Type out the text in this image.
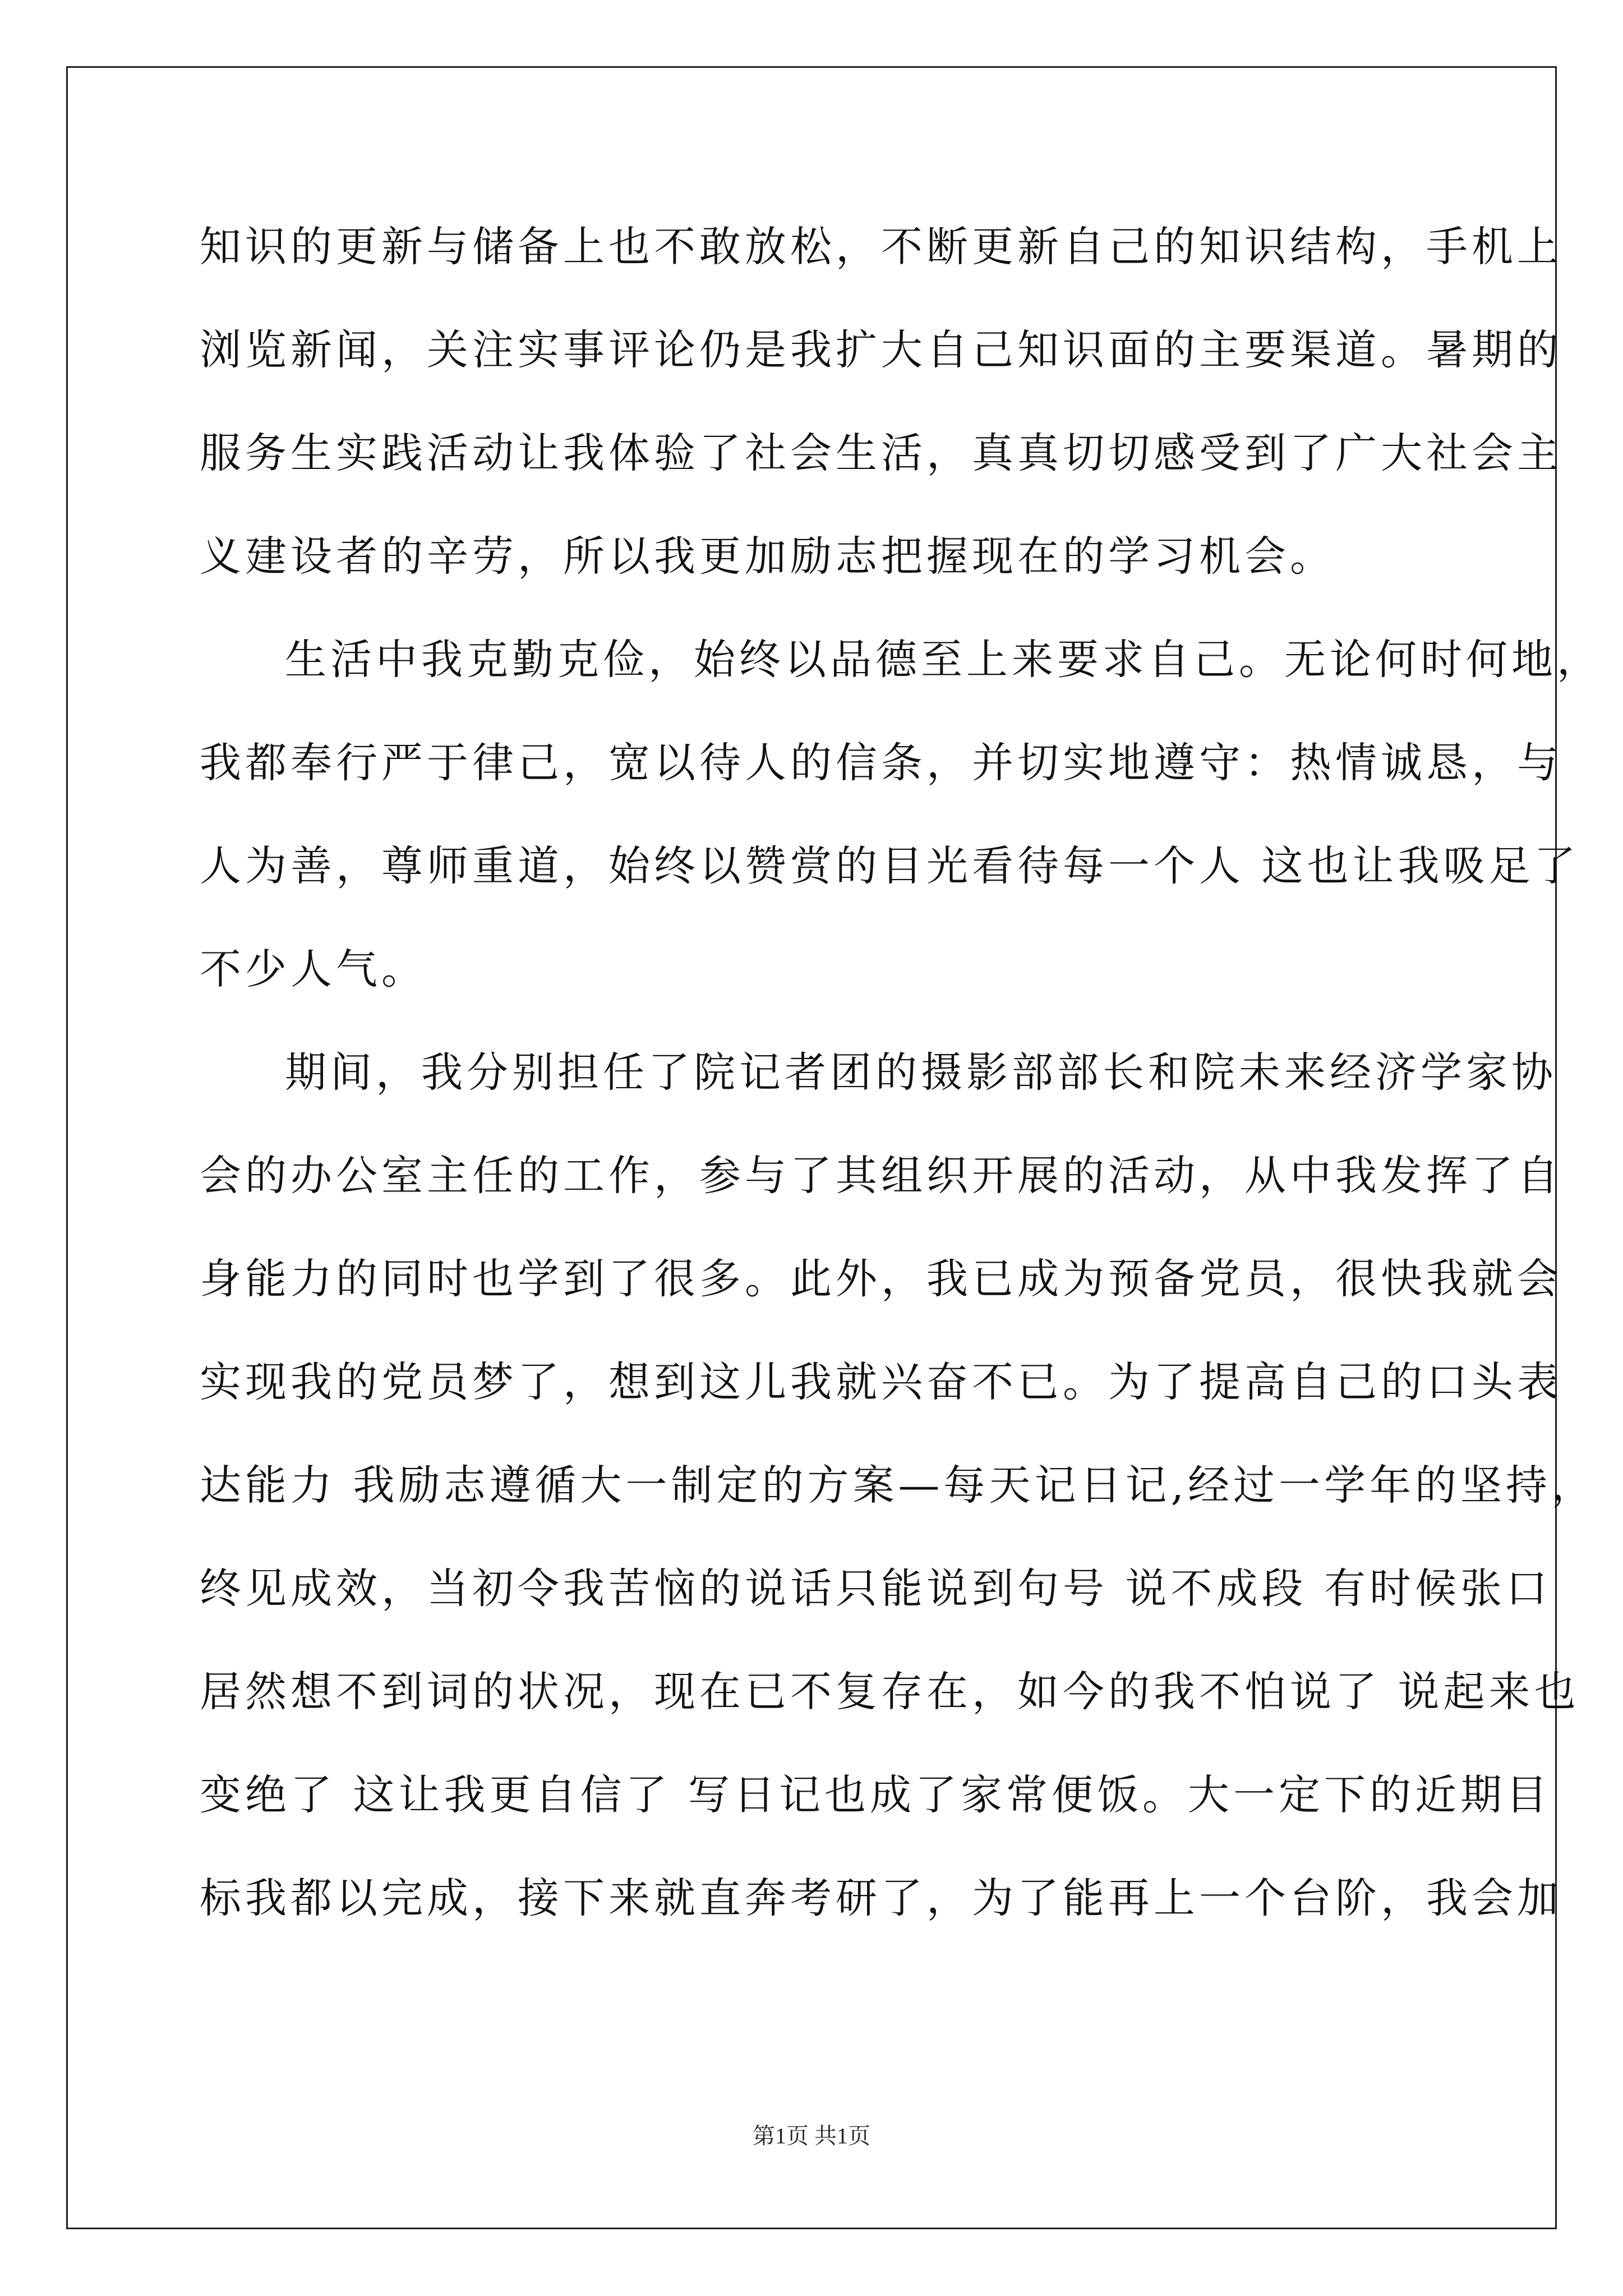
知识的更新与储备上也不敢放松，不断更新自己的知识结构，手机上
浏览新闻，关注实事评论仍是我扩大自己知识面的主要渠道。暑期的
服务生实践活动让我体验了社会生活，真真切切感受到了广大社会主
义建设者的辛劳，所以我更加励志把握现在的学习机会。
生活中我克勤克俭，始终以品德至上来要求自己。无论何时何地，
我都奉行严于律己，宽以待人的信条，并切实地遵守：热情诚恳，与
人为善，尊师重道，始终以赞赏的目光看待每一个人 这也让我吸足了
不少人气。
期间，我分别担任了院记者团的摄影部部长和院未来经济学家协
会的办公室主任的工作，参与了其组织开展的活动，从中我发挥了自
身能力的同时也学到了很多。此外，我已成为预备党员，很快我就会
实现我的党员梦了，想到这儿我就兴奋不已。为了提高自己的口头表
达能力 我励志遵循大一制定的方案—每天记日记,经过一学年的坚持，
终见成效，当初令我苦恼的说话只能说到句号 说不成段 有时候张口
居然想不到词的状况，现在已不复存在，如今的我不怕说了 说起来也
变绝了 这让我更自信了 写日记也成了家常便饭。大一定下的近期目
标我都以完成，接下来就直奔考研了，为了能再上一个台阶，我会加
第1页 共1页
